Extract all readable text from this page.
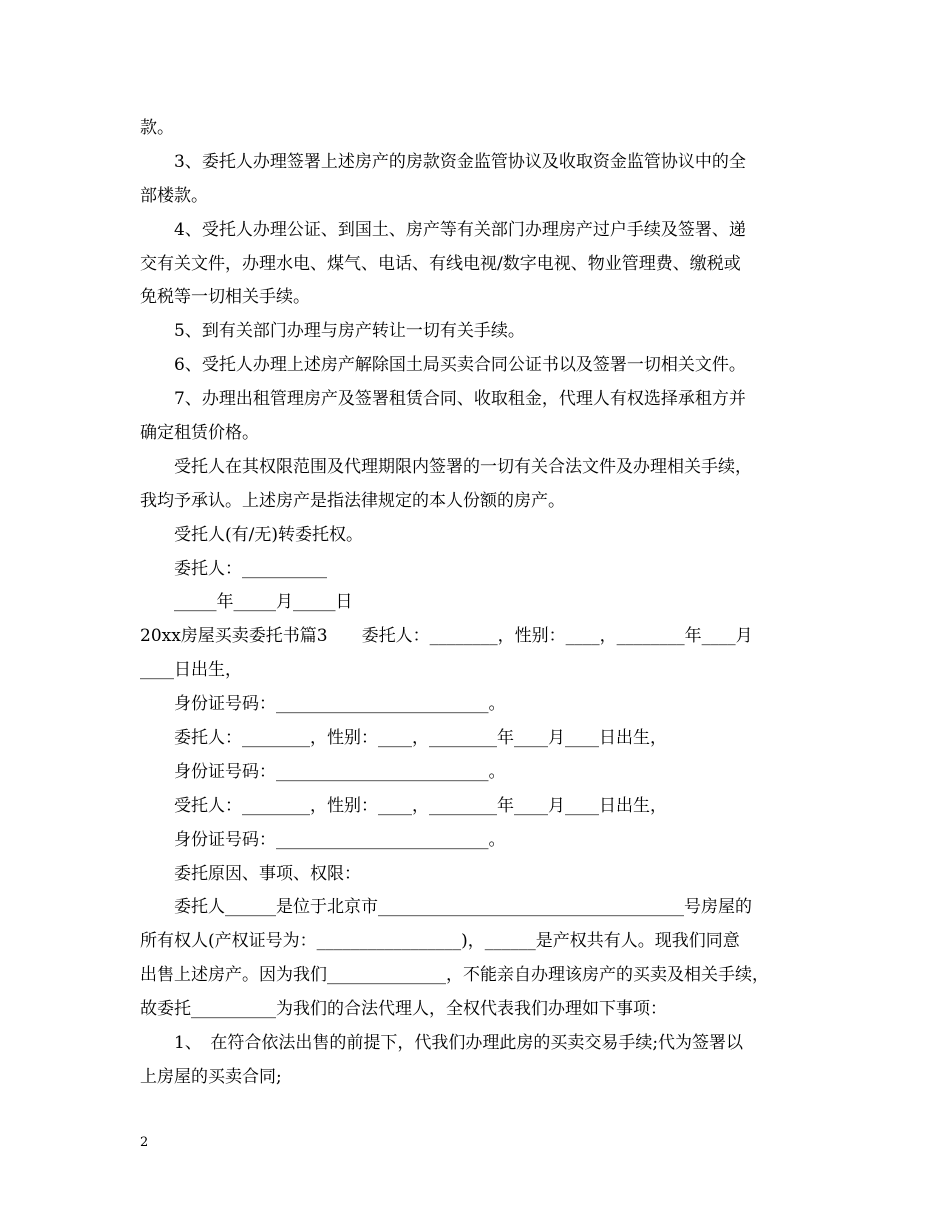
款。
3、委托人办理签署上述房产的房款资金监管协议及收取资金监管协议中的全
部楼款。
4、受托人办理公证、到国土、房产等有关部门办理房产过户手续及签署、递
交有关文件，办理水电、煤气、电话、有线电视/数字电视、物业管理费、缴税或
免税等一切相关手续。
5、到有关部门办理与房产转让一切有关手续。
6、受托人办理上述房产解除国土局买卖合同公证书以及签署一切相关文件。
7、办理出租管理房产及签署租赁合同、收取租金，代理人有权选择承租方并
确定租赁价格。
受托人在其权限范围及代理期限内签署的一切有关合法文件及办理相关手续，
我均予承认。上述房产是指法律规定的本人份额的房产。
受托人(有/无)转委托权。
委托人：__________
_____年_____月_____日
20xx房屋买卖委托书篇3　　委托人：________，性别：____，________年____月
____日出生，
身份证号码：_________________________。
委托人：________，性别：____，________年____月____日出生，
身份证号码：_________________________。
受托人：________，性别：____，________年____月____日出生，
身份证号码：_________________________。
委托原因、事项、权限：
委托人______是位于北京市____________________________________号房屋的
所有权人(产权证号为：_________________)，______是产权共有人。现我们同意
出售上述房产。因为我们______________，不能亲自办理该房产的买卖及相关手续，
故委托__________为我们的合法代理人，全权代表我们办理如下事项：
1、　在符合依法出售的前提下，代我们办理此房的买卖交易手续;代为签署以
上房屋的买卖合同;
2
